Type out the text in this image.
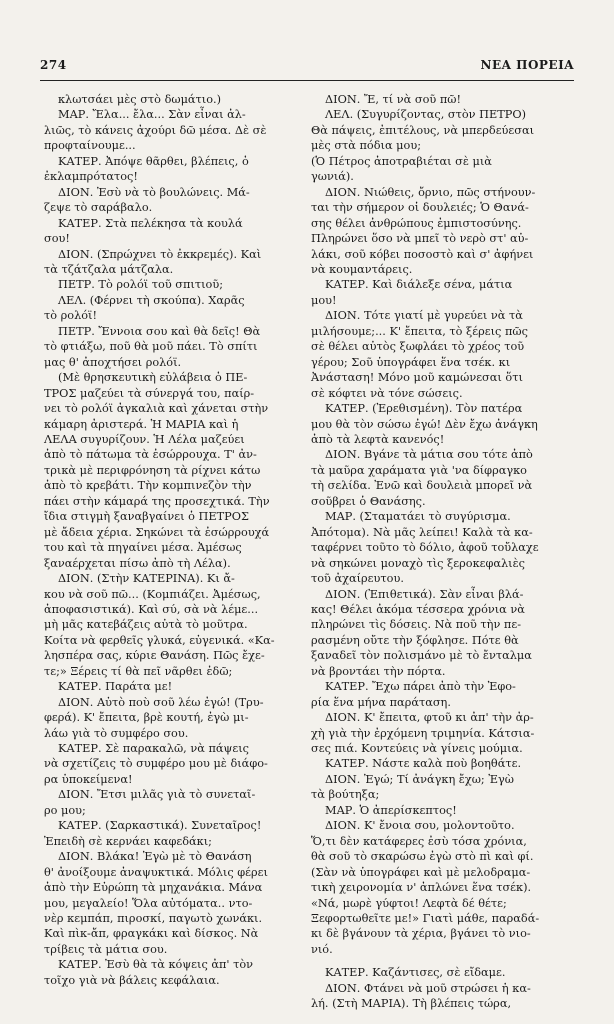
274	ΝΕΑ ΠΟΡΕΙΑ

κλωτσάει μὲς στὸ δωμάτιο.)

ΜΑΡ. Ἔλα... ἔλα... Σὰν εἶναι ἀλ-
λιῶς, τὸ κάνεις ἀχούρι δῶ μέσα. Δὲ σὲ
προφταίνουμε...

ΚΑΤΕΡ. Ἀπόψε θᾶρθει, βλέπεις, ὁ
ἐκλαμπρότατος!

ΔΙΟΝ. Ἐσὺ νὰ τὸ βουλώνεις. Μά-
ζεψε τὸ σαράβαλο.

ΚΑΤΕΡ. Στὰ πελέκησα τὰ κουλά
σου!

ΔΙΟΝ. (Σπρώχνει τὸ ἐκκρεμές). Καὶ
τὰ τζάτζαλα μάτζαλα.

ΠΕΤΡ. Τὸ ρολόϊ τοῦ σπιτιοῦ;

ΛΕΛ. (Φέρνει τὴ σκούπα). Χαρᾶς
τὸ ρολόϊ!

ΠΕΤΡ. Ἔννοια σου καὶ θὰ δεῖς! Θὰ
τὸ φτιάξω, ποῦ θὰ μοῦ πάει. Τὸ σπίτι
μας θ' ἀποχτήσει ρολόϊ.

(Μὲ θρησκευτικὴ εὐλάβεια ὁ ΠΕ-
ΤΡΟΣ μαζεύει τὰ σύνεργά του, παίρ-
νει τὸ ρολόϊ ἀγκαλιὰ καὶ χάνεται στὴν
κάμαρη ἀριστερά. Ἡ ΜΑΡΙΑ καὶ ἡ
ΛΕΛΑ συγυρίζουν. Ἡ Λέλα μαζεύει
ἀπὸ τὸ πάτωμα τὰ ἐσώρρουχα. Τ' ἀν-
τρικὰ μὲ περιφρόνηση τὰ ρίχνει κάτω
ἀπὸ τὸ κρεβάτι. Τὴν κομπινεζὸν τὴν
πάει στὴν κάμαρά της προσεχτικά. Τὴν
ἴδια στιγμὴ ξαναβγαίνει ὁ ΠΕΤΡΟΣ
μὲ ἄδεια χέρια. Σηκώνει τὰ ἐσώρρουχά
του καὶ τὰ πηγαίνει μέσα. Ἀμέσως
ξαναέρχεται πίσω ἀπὸ τὴ Λέλα).

ΔΙΟΝ. (Στὴν ΚΑΤΕΡΙΝΑ). Κι ἄ-
κου νὰ σοῦ πῶ... (Κομπιάζει. Ἀμέσως,
ἀποφασιστικά). Καὶ σύ, σὰ νὰ λέμε...
μὴ μᾶς κατεβάζεις αὐτὰ τὸ μοῦτρα.
Κοίτα νὰ φερθεῖς γλυκά, εὐγενικά. «Κα-
λησπέρα σας, κύριε Θανάση. Πῶς ἔχε-
τε;» Ξέρεις τί θὰ πεῖ νᾶρθει ἐδῶ;

ΚΑΤΕΡ. Παράτα με!

ΔΙΟΝ. Αὐτὸ ποὺ σοῦ λέω ἐγώ! (Τρυ-
φερά). Κ' ἔπειτα, βρὲ κουτή, ἐγὼ μι-
λάω γιὰ τὸ συμφέρο σου.

ΚΑΤΕΡ. Σὲ παρακαλῶ, νὰ πάψεις
νὰ σχετίζεις τὸ συμφέρο μου μὲ διάφο-
ρα ὑποκείμενα!

ΔΙΟΝ. Ἔτσι μιλᾶς γιὰ τὸ συνεταῖ-
ρο μου;

ΚΑΤΕΡ. (Σαρκαστικά). Συνεταῖρος!
Ἐπειδὴ σὲ κερνάει καφεδάκι;

ΔΙΟΝ. Βλάκα! Ἐγὼ μὲ τὸ Θανάση
θ' ἀνοίξουμε ἀναψυκτικά. Μόλις φέρει
ἀπὸ τὴν Εὐρώπη τὰ μηχανάκια. Μάνα
μου, μεγαλείο! Ὅλα αὐτόματα.. ντο-
νὲρ κεμπάπ, πιροσκί, παγωτὸ χωνάκι.
Καὶ πὶκ-ἄπ, φραγκάκι καὶ δίσκος. Νὰ
τρίβεις τὰ μάτια σου.

ΚΑΤΕΡ. Ἐσὺ θὰ τὰ κόψεις ἀπ' τὸν
τοῖχο γιὰ νὰ βάλεις κεφάλαια.

ΔΙΟΝ. Ἔ, τί νὰ σοῦ πῶ!

ΛΕΛ. (Συγυρίζοντας, στὸν ΠΕΤΡΟ)
Θὰ πάψεις, ἐπιτέλους, νὰ μπερδεύεσαι
μὲς στὰ πόδια μου;
(Ὁ Πέτρος ἀποτραβιέται σὲ μιὰ
γωνιά).

ΔΙΟΝ. Νιώθεις, ὄρνιο, πῶς στήνουν-
ται τὴν σήμερον οἱ δουλειές; Ὁ Θανά-
σης θέλει ἀνθρώπους ἐμπιστοσύνης.
Πληρώνει ὅσο νὰ μπεῖ τὸ νερὸ στ' αὐ-
λάκι, σοῦ κόβει ποσοστὸ καὶ σ' ἀφήνει
νὰ κουμαντάρεις.

ΚΑΤΕΡ. Καὶ διάλεξε σένα, μάτια
μου!

ΔΙΟΝ. Τότε γιατί μὲ γυρεύει νὰ τὰ
μιλήσουμε;... Κ' ἔπειτα, τὸ ξέρεις πῶς
σὲ θέλει αὐτὸς ξωφλάει τὸ χρέος τοῦ
γέρου; Σοῦ ὑπογράφει ἕνα τσέκ. κι
Ἀνάσταση! Μόνο μοῦ καμώνεσαι ὅτι
σὲ κόφτει νὰ τόνε σώσεις.

ΚΑΤΕΡ. (Ἐρεθισμένη). Τὸν πατέρα
μου θὰ τὸν σώσω ἐγώ! Δὲν ἔχω ἀνάγκη
ἀπὸ τὰ λεφτὰ κανενός!

ΔΙΟΝ. Βγάνε τὰ μάτια σου τότε ἀπὸ
τὰ μαῦρα χαράματα γιὰ 'να δίφραγκο
τὴ σελίδα. Ἐνῶ καὶ δουλειὰ μπορεῖ νὰ
σοῦβρει ὁ Θανάσης.

ΜΑΡ. (Σταματάει τὸ συγύρισμα.
Ἀπότομα). Νὰ μᾶς λείπει! Καλὰ τὰ κα-
ταφέρνει τοῦτο τὸ δόλιο, ἀφοῦ τοὔλαχε
νὰ σηκώνει μοναχὸ τὶς ξεροκεφαλιὲς
τοῦ ἀχαίρευτου.

ΔΙΟΝ. (Ἐπιθετικά). Σὰν εἶναι βλά-
κας! Θέλει ἀκόμα τέσσερα χρόνια νὰ
πληρώνει τὶς δόσεις. Νὰ ποῦ τὴν πε-
ρασμένη οὔτε τὴν ξόφλησε. Πότε θὰ
ξαναδεῖ τὸν πολισμάνο μὲ τὸ ἔνταλμα
νὰ βροντάει τὴν πόρτα.

ΚΑΤΕΡ. Ἔχω πάρει ἀπὸ τὴν Ἐφο-
ρία ἕνα μήνα παράταση.

ΔΙΟΝ. Κ' ἔπειτα, φτοῦ κι ἀπ' τὴν ἀρ-
χὴ γιὰ τὴν ἐρχόμενη τριμηνία. Κάτσια-
σες πιά. Κοντεύεις νὰ γίνεις μούμια.

ΚΑΤΕΡ. Νάστε καλὰ ποὺ βοηθάτε.

ΔΙΟΝ. Ἐγώ; Τί ἀνάγκη ἔχω; Ἐγὼ
τὰ βούτηξα;

ΜΑΡ. Ὁ ἀπερίσκεπτος!

ΔΙΟΝ. Κ' ἔνοια σου, μολοντοῦτο.
Ὅ,τι δὲν κατάφερες ἐσὺ τόσα χρόνια,
θὰ σοῦ τὸ σκαρώσω ἐγὼ στὸ πὶ καὶ φί.
(Σὰν νὰ ὑπογράφει καὶ μὲ μελοδραμα-
τικὴ χειρονομία ν' ἀπλώνει ἕνα τσέκ).
«Νά, μωρὲ γύφτοι! Λεφτὰ δέ θέτε;
Ξεφορτωθεῖτε με!» Γιατὶ μάθε, παραδά-
κι δὲ βγάνουν τὰ χέρια, βγάνει τὸ νιο-
νιό.

ΚΑΤΕΡ. Καζάντισες, σὲ εἴδαμε.

ΔΙΟΝ. Φτάνει νὰ μοῦ στρώσει ἡ κα-
λή. (Στὴ ΜΑΡΙΑ). Τὴ βλέπεις τώρα,
